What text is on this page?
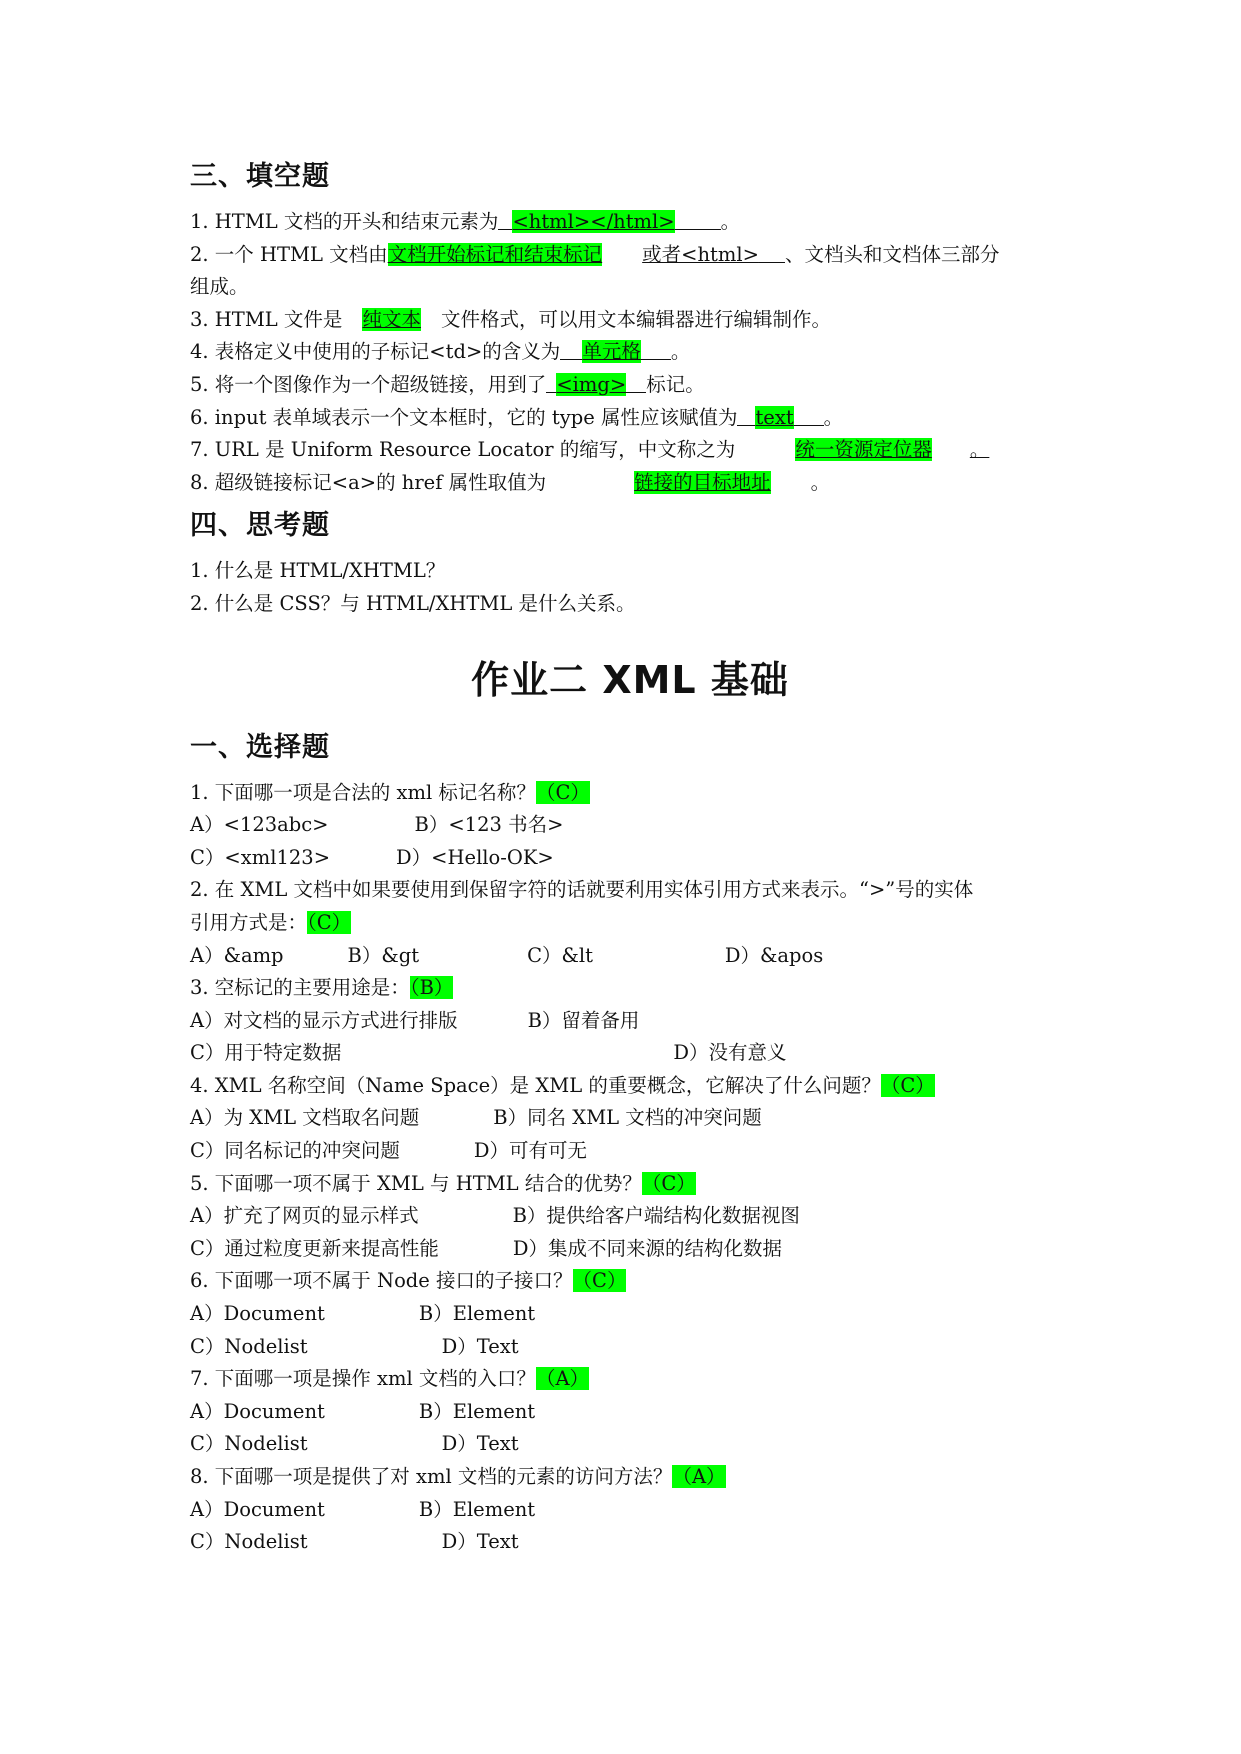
三、填空题
1. HTML 文档的开头和结束元素为 <html></html> 。
2. 一个 HTML 文档由文档开始标记和结束标记 或者<html> 、文档头和文档体三部分
组成。
3. HTML 文件是 纯文本 文件格式，可以用文本编辑器进行编辑制作。
4. 表格定义中使用的子标记<td>的含义为 单元格 。
5. 将一个图像作为一个超级链接，用到了 <img> 标记。
6. input 表单域表示一个文本框时，它的 type 属性应该赋值为 text 。
7. URL 是 Uniform Resource Locator 的缩写，中文称之为	统一资源定位器 。
8. 超级链接标记<a>的 href 属性取值为	链接的目标地址 。
四、思考题
1. 什么是 HTML/XHTML？
2. 什么是 CSS？与 HTML/XHTML 是什么关系。
作业二 XML 基础
一、选择题
1. 下面哪一项是合法的 xml 标记名称？（C）
A）<123abc>	B）<123 书名>
C）<xml123>	D）<Hello-OK>
2. 在 XML 文档中如果要使用到保留字符的话就要利用实体引用方式来表示。“>”号的实体
引用方式是：（C）
A）&amp	B）&gt	C）&lt	D）&apos
3. 空标记的主要用途是：（B）
A）对文档的显示方式进行排版	B）留着备用
C）用于特定数据	D）没有意义
4. XML 名称空间（Name Space）是 XML 的重要概念，它解决了什么问题？（C）
A）为 XML 文档取名问题	B）同名 XML 文档的冲突问题
C）同名标记的冲突问题	D）可有可无
5. 下面哪一项不属于 XML 与 HTML 结合的优势？（C）
A）扩充了网页的显示样式	B）提供给客户端结构化数据视图
C）通过粒度更新来提高性能	D）集成不同来源的结构化数据
6. 下面哪一项不属于 Node 接口的子接口？（C）
A）Document	B）Element
C）Nodelist	D）Text
7. 下面哪一项是操作 xml 文档的入口？（A）
A）Document	B）Element
C）Nodelist	D）Text
8. 下面哪一项是提供了对 xml 文档的元素的访问方法？（A）
A）Document	B）Element
C）Nodelist	D）Text
